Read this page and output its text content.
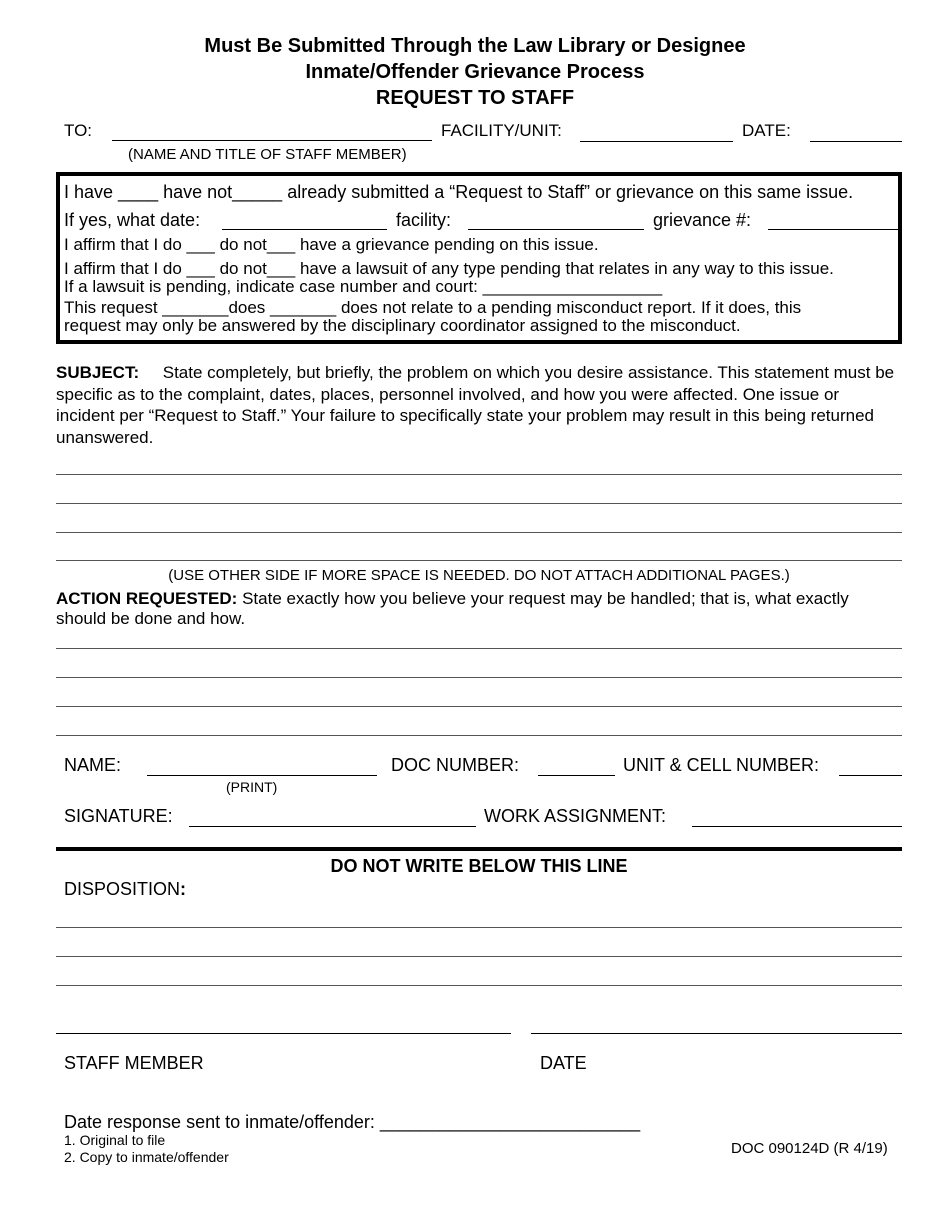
Must Be Submitted Through the Law Library or Designee
Inmate/Offender Grievance Process
REQUEST TO STAFF
TO:
(NAME AND TITLE OF STAFF MEMBER)
FACILITY/UNIT:	DATE:
I have ____ have not_____ already submitted a “Request to Staff” or grievance on this same issue.
If yes, what date:	facility:	grievance #:
I affirm that I do ___ do not___ have a grievance pending on this issue.
I affirm that I do ___ do not___ have a lawsuit of any type pending that relates in any way to this issue.
If a lawsuit is pending, indicate case number and court: ___________________
This request _______does _______ does not relate to a pending misconduct report. If it does, this
request may only be answered by the disciplinary coordinator assigned to the misconduct.
SUBJECT: State completely, but briefly, the problem on which you desire assistance. This statement must be specific as to the complaint, dates, places, personnel involved, and how you were affected. One issue or incident per “Request to Staff.” Your failure to specifically state your problem may result in this being returned unanswered.
(USE OTHER SIDE IF MORE SPACE IS NEEDED. DO NOT ATTACH ADDITIONAL PAGES.)
ACTION REQUESTED: State exactly how you believe your request may be handled; that is, what exactly should be done and how.
NAME:
(PRINT)
DOC NUMBER:	UNIT & CELL NUMBER:
SIGNATURE:	WORK ASSIGNMENT:
DO NOT WRITE BELOW THIS LINE
DISPOSITION:
STAFF MEMBER	DATE
Date response sent to inmate/offender: __________________________
1. Original to file
2. Copy to inmate/offender	DOC 090124D (R 4/19)
